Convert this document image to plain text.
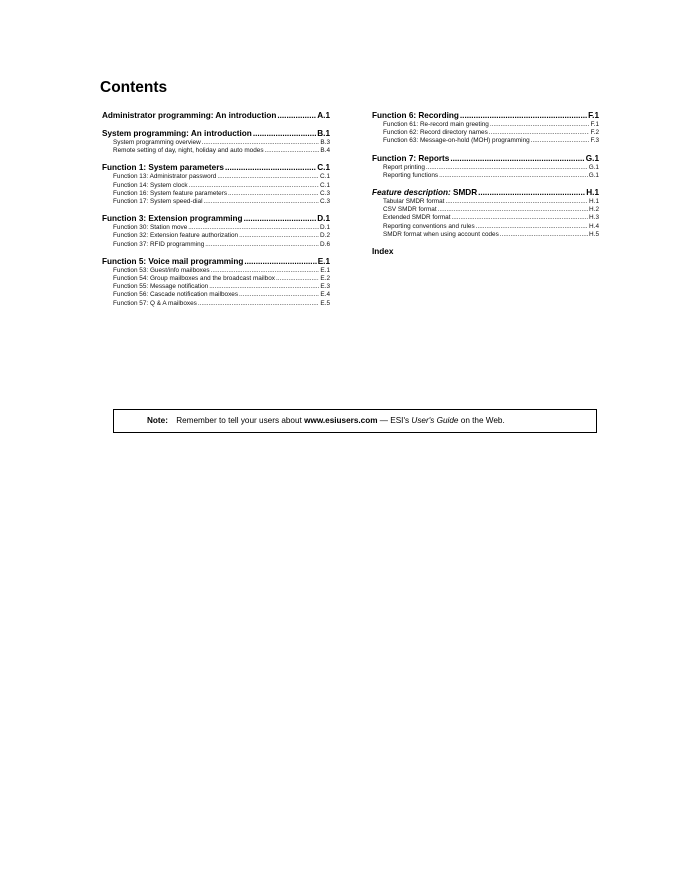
Contents
Administrator programming: An introduction .....	A.1
System programming: An introduction .....	B.1
System programming overview .....	B.3
Remote setting of day, night, holiday and auto modes .....	B.4
Function 1: System parameters .....	C.1
Function 13: Administrator password .....	C.1
Function 14: System clock .....	C.1
Function 16: System feature parameters .....	C.3
Function 17: System speed-dial .....	C.3
Function 3: Extension programming .....	D.1
Function 30: Station move .....	D.1
Function 32: Extension feature authorization .....	D.2
Function 37: RFID programming .....	D.6
Function 5: Voice mail programming .....	E.1
Function 53: Guest/info mailboxes .....	E.1
Function 54: Group mailboxes and the broadcast mailbox .....	E.2
Function 55: Message notification .....	E.3
Function 56: Cascade notification mailboxes .....	E.4
Function 57: Q & A mailboxes .....	E.5
Function 6: Recording .....	F.1
Function 61: Re-record main greeting .....	F.1
Function 62: Record directory names .....	F.2
Function 63: Message-on-hold (MOH) programming .....	F.3
Function 7: Reports .....	G.1
Report printing .....	G.1
Reporting functions .....	G.1
Feature description:
SMDR .....	H.1
Tabular SMDR format .....	H.1
CSV SMDR format .....	H.2
Extended SMDR format .....	H.3
Reporting conventions and rules .....	H.4
SMDR format when using account codes .....	H.5
Index
Note: Remember to tell your users about www.esiusers.com — ESI's User's Guide on the Web.
